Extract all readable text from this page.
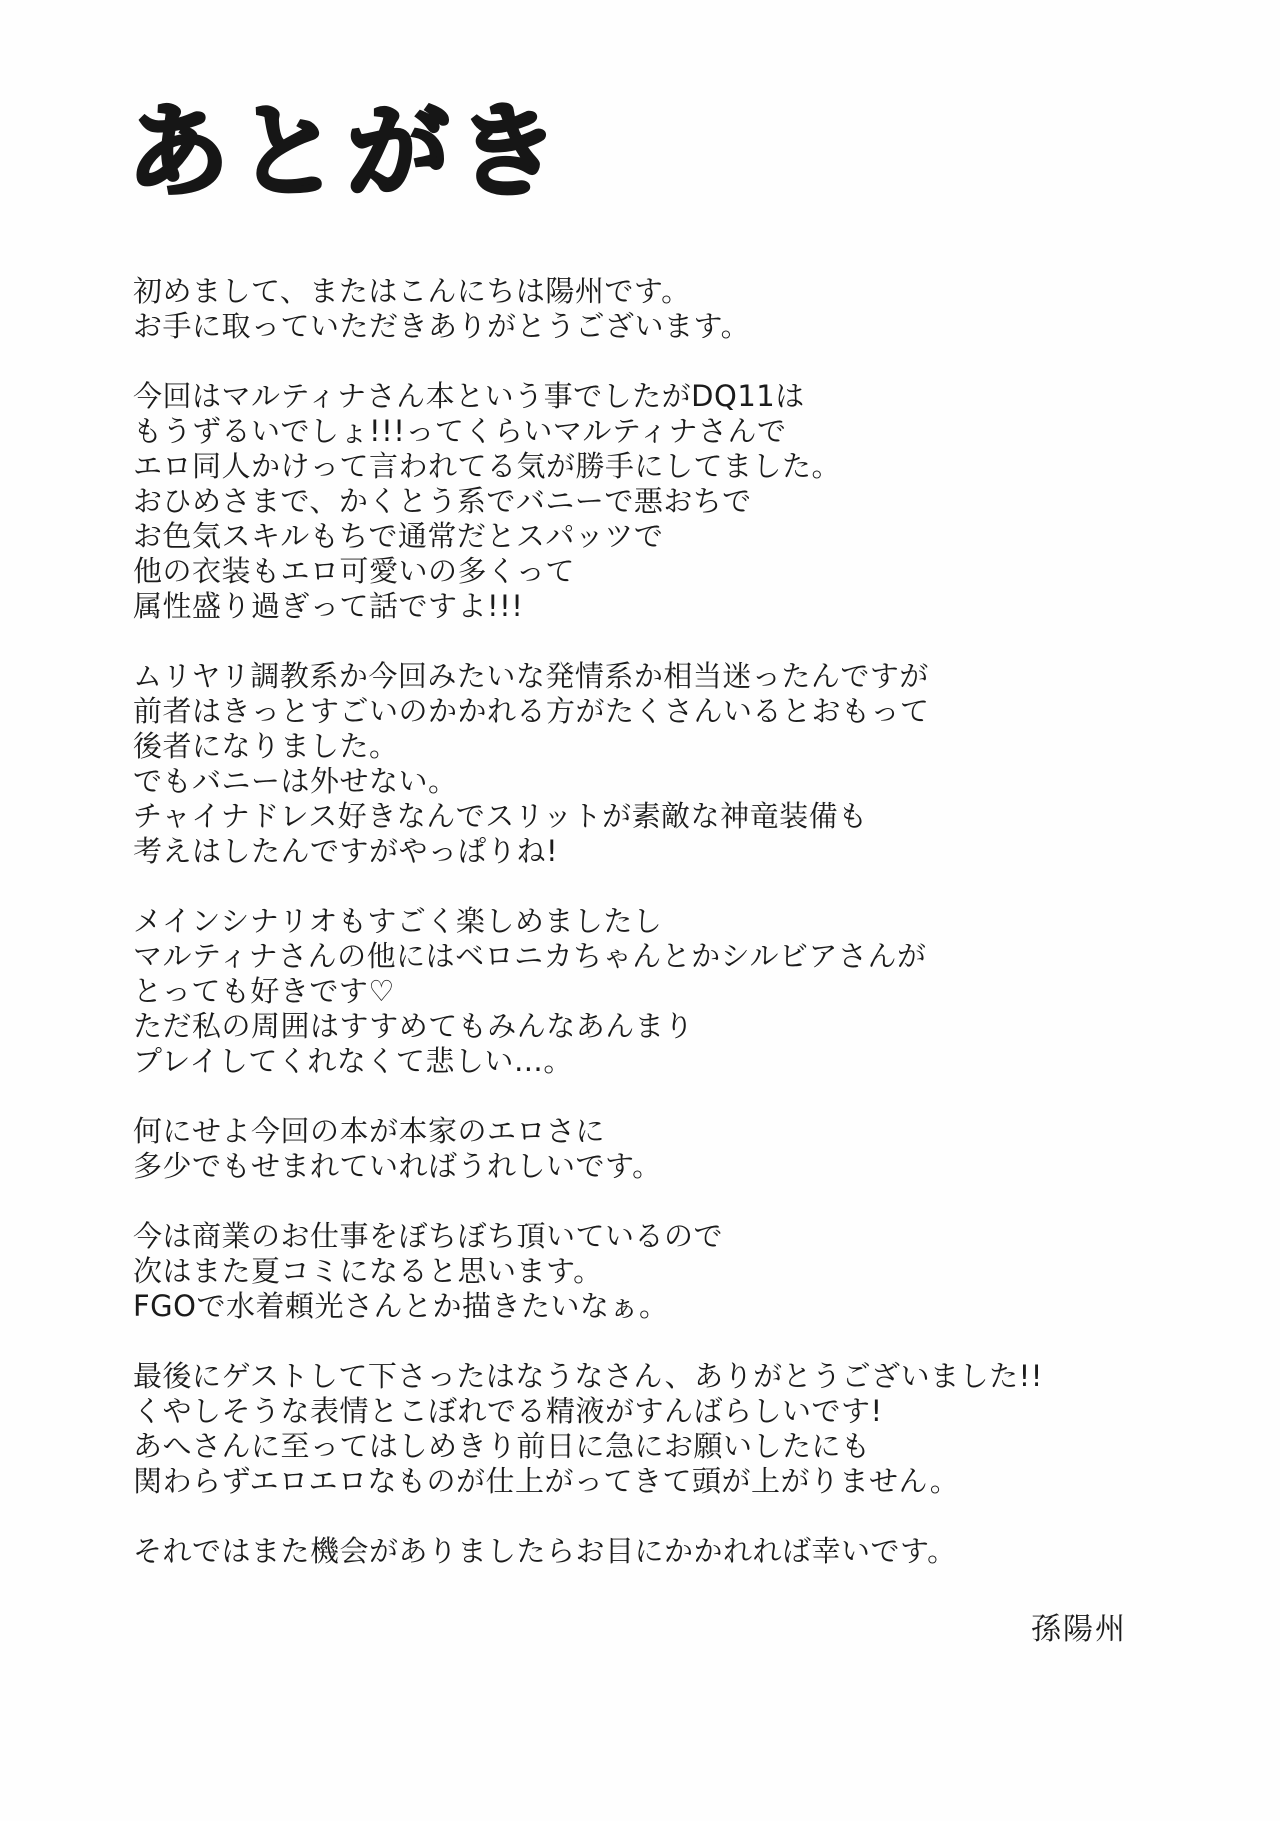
あとがき
初めまして、またはこんにちは陽州です。
お手に取っていただきありがとうございます。
今回はマルティナさん本という事でしたがDQ11は
もうずるいでしょ!!!ってくらいマルティナさんで
エロ同人かけって言われてる気が勝手にしてました。
おひめさまで、かくとう系でバニーで悪おちで
お色気スキルもちで通常だとスパッツで
他の衣装もエロ可愛いの多くって
属性盛り過ぎって話ですよ!!!
ムリヤリ調教系か今回みたいな発情系か相当迷ったんですが
前者はきっとすごいのかかれる方がたくさんいるとおもって
後者になりました。
でもバニーは外せない。
チャイナドレス好きなんでスリットが素敵な神竜装備も
考えはしたんですがやっぱりね!
メインシナリオもすごく楽しめましたし
マルティナさんの他にはベロニカちゃんとかシルビアさんが
とっても好きです♡
ただ私の周囲はすすめてもみんなあんまり
プレイしてくれなくて悲しい…。
何にせよ今回の本が本家のエロさに
多少でもせまれていればうれしいです。
今は商業のお仕事をぼちぼち頂いているので
次はまた夏コミになると思います。
FGOで水着頼光さんとか描きたいなぁ。
最後にゲストして下さったはなうなさん、ありがとうございました!!
くやしそうな表情とこぼれでる精液がすんばらしいです!
あへさんに至ってはしめきり前日に急にお願いしたにも
関わらずエロエロなものが仕上がってきて頭が上がりません。
それではまた機会がありましたらお目にかかれれば幸いです。
孫陽州
